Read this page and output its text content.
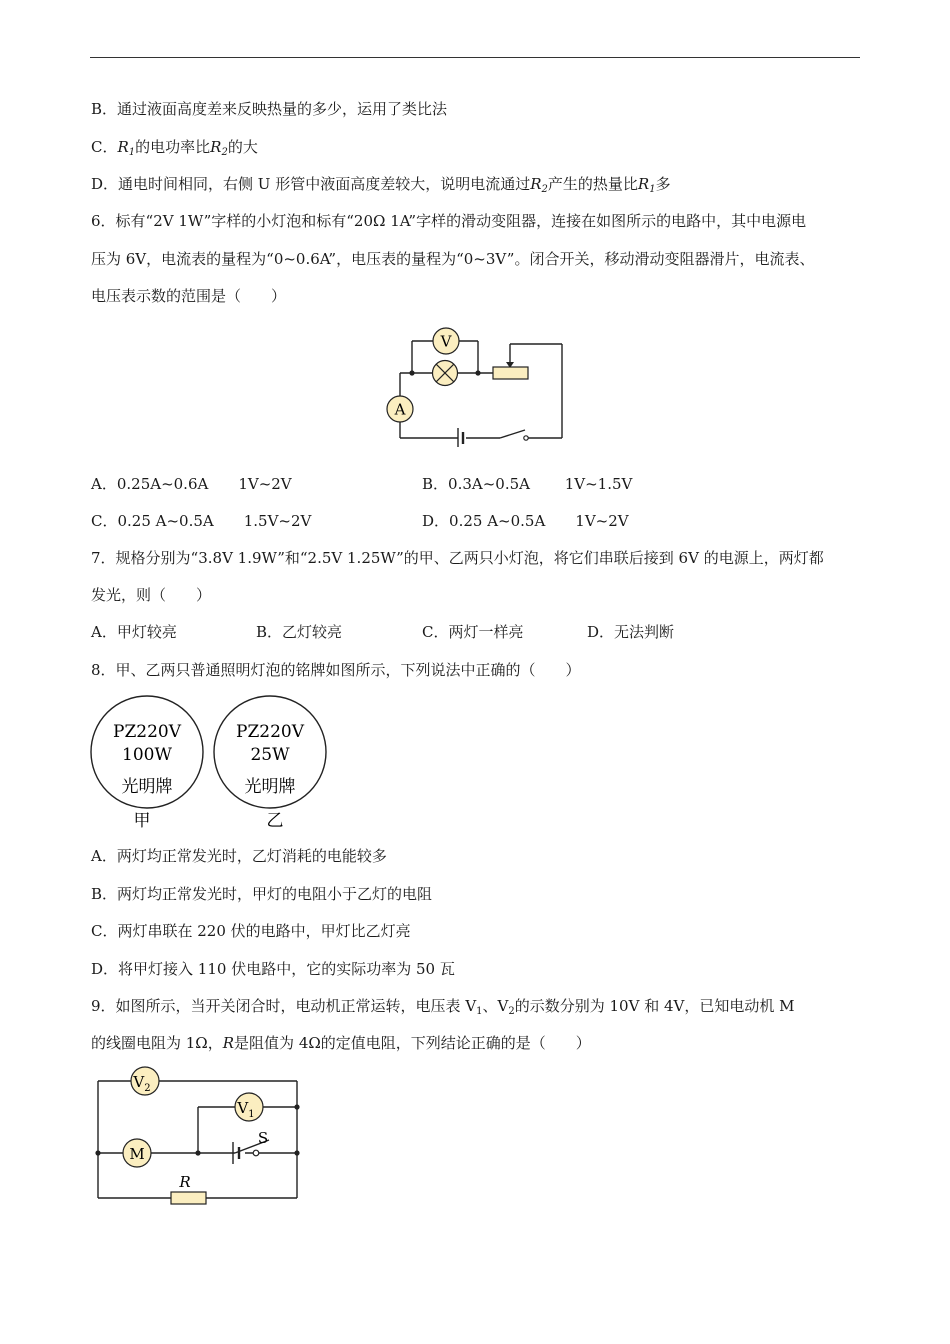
B．通过液面高度差来反映热量的多少，运用了类比法
C．$R_1$的电功率比$R_2$的大
D．通电时间相同，右侧 U 形管中液面高度差较大，说明电流通过$R_2$产生的热量比$R_1$多
6．标有“2V 1W”字样的小灯泡和标有“20Ω 1A”字样的滑动变阻器，连接在如图所示的电路中，其中电源电
压为 6V，电流表的量程为“0~0.6A”，电压表的量程为“0~3V”。闭合开关，移动滑动变阻器滑片，电流表、
电压表示数的范围是（　　）
V
A
A．0.25A~0.6A　　1V~2V	B．0.3A~0.5A　　 1V~1.5V
C．0.25 A~0.5A　　1.5V~2V	D．0.25 A~0.5A　　1V~2V
7．规格分别为“3.8V 1.9W”和“2.5V 1.25W”的甲、乙两只小灯泡，将它们串联后接到 6V 的电源上，两灯都
发光，则（　　）
A．甲灯较亮	B．乙灯较亮	C．两灯一样亮	D．无法判断
8．甲、乙两只普通照明灯泡的铭牌如图所示，下列说法中正确的（　　）
PZ220V
100W
光明牌
甲
PZ220V
25W
光明牌
乙
A．两灯均正常发光时，乙灯消耗的电能较多
B．两灯均正常发光时，甲灯的电阻小于乙灯的电阻
C．两灯串联在 220 伏的电路中，甲灯比乙灯亮
D．将甲灯接入 110 伏电路中，它的实际功率为 50 瓦
9．如图所示，当开关闭合时，电动机正常运转，电压表 $V_1$、$V_2$的示数分别为 10V 和 4V，已知电动机 M
的线圈电阻为 1Ω，R是阻值为 4Ω的定值电阻，下列结论正确的是（　　）
S
$V_2$
$V_1$
M
R
